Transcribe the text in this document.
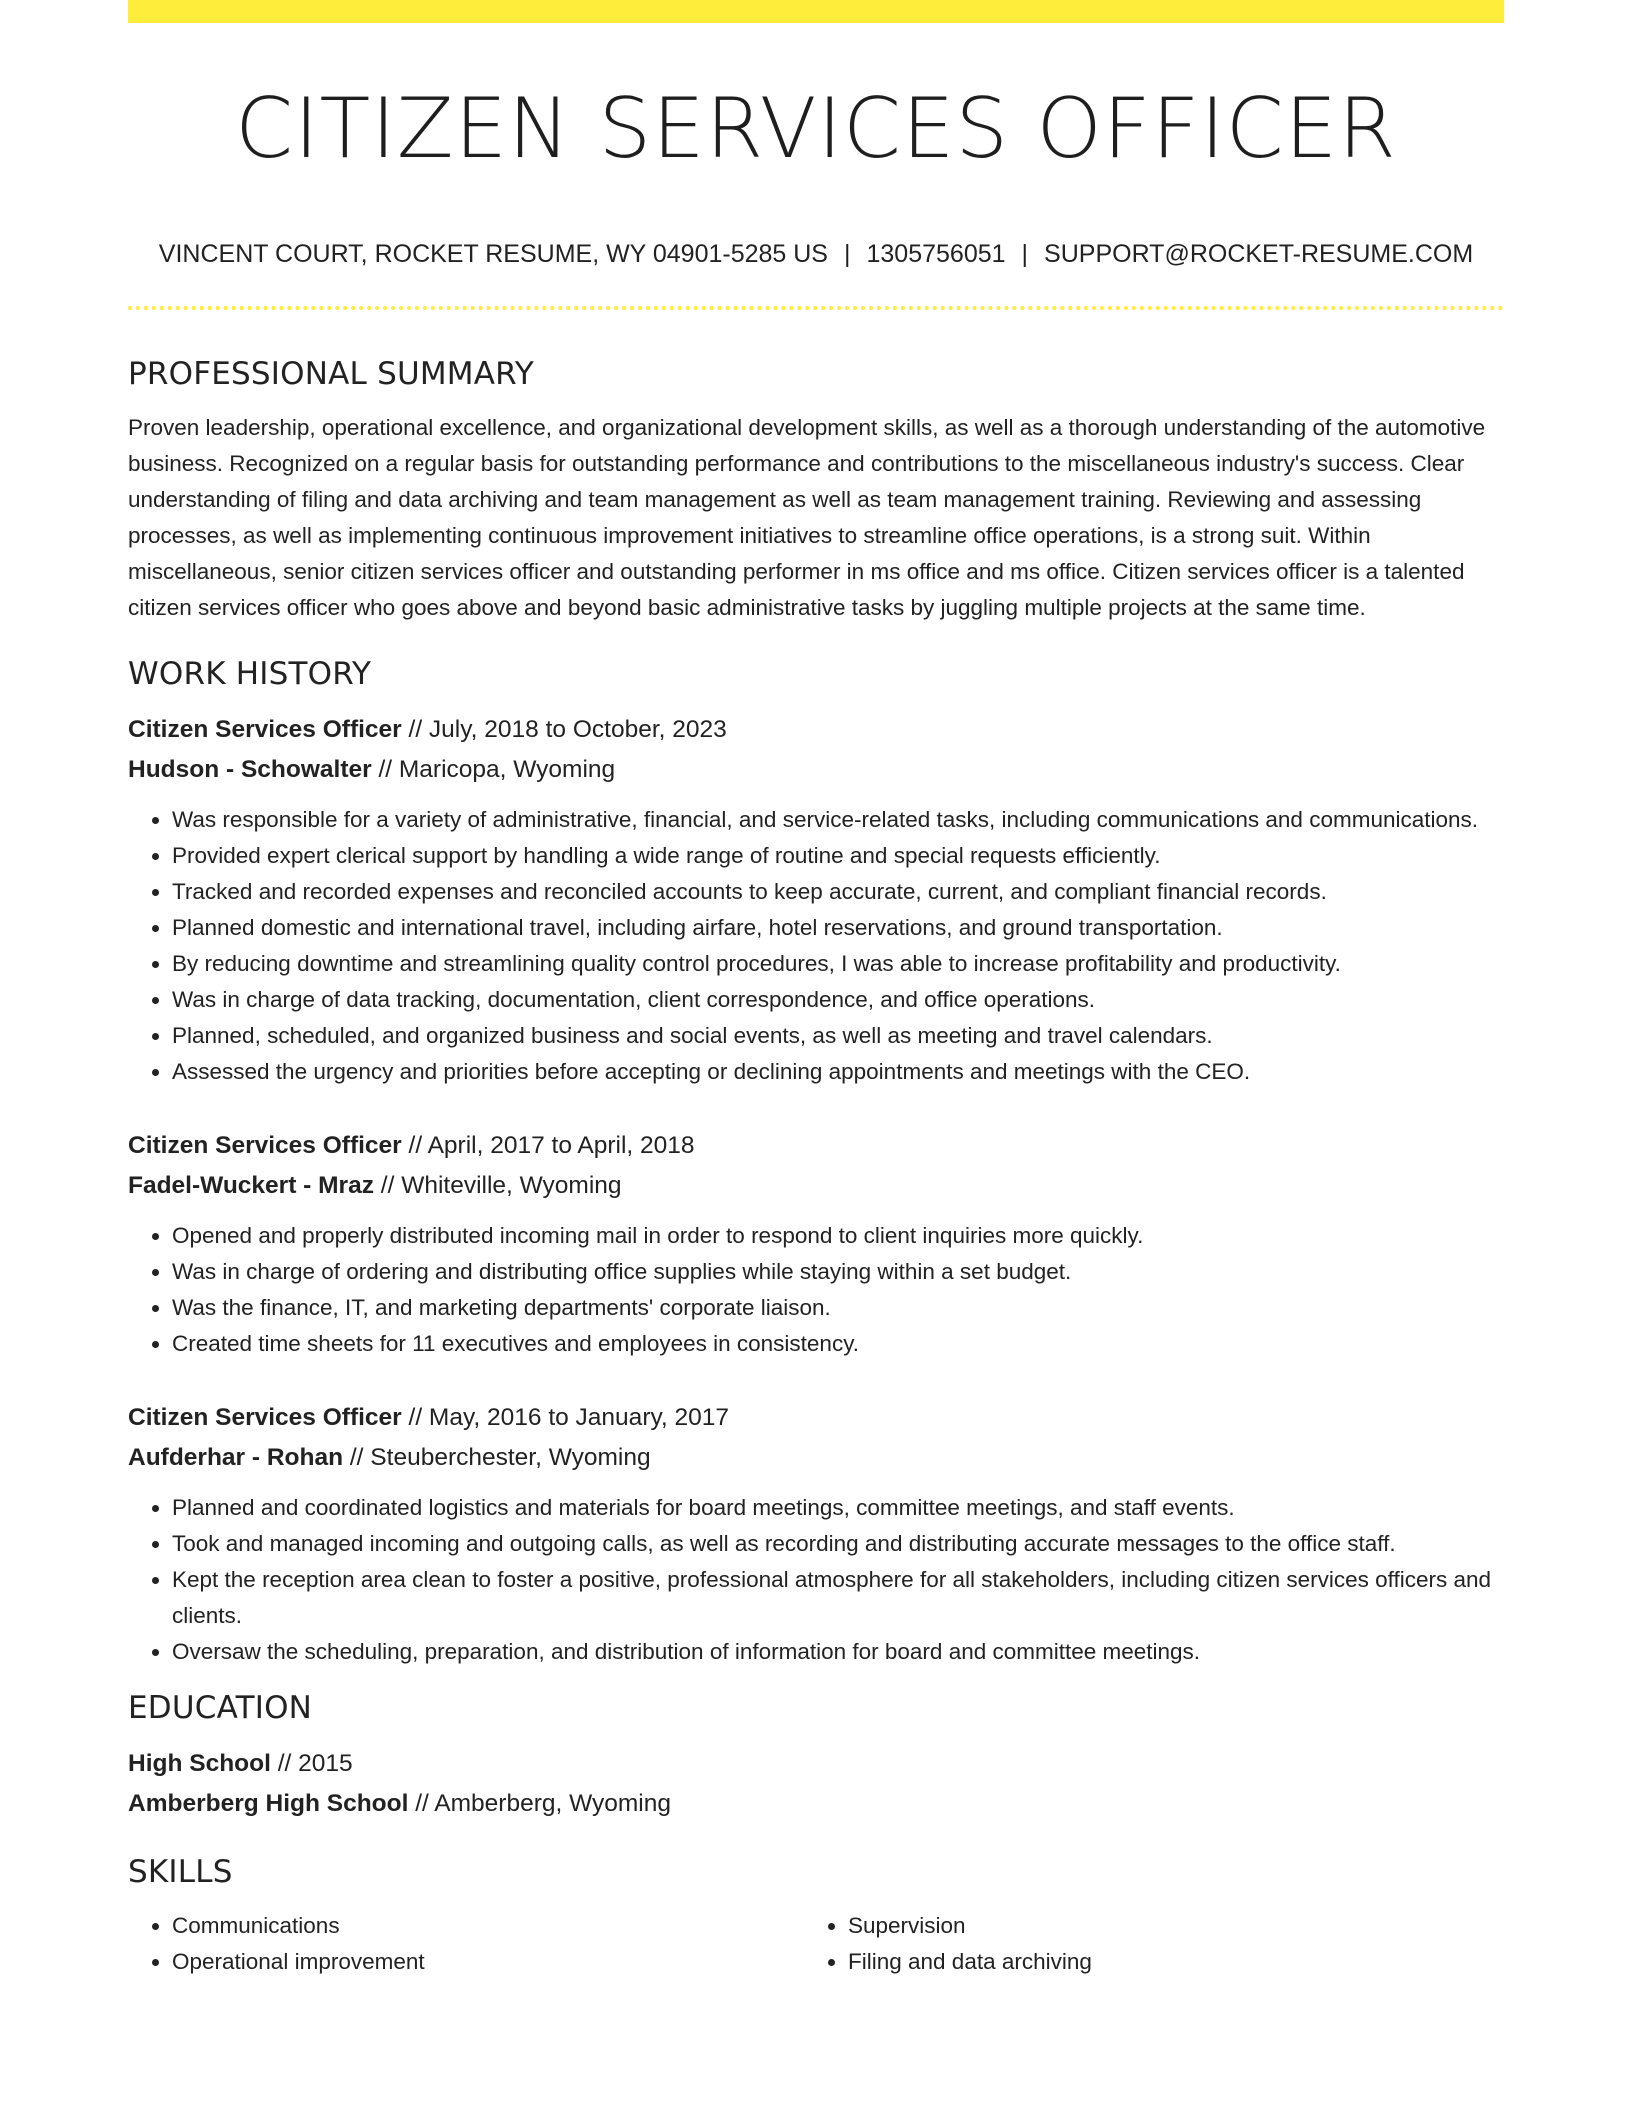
CITIZEN SERVICES OFFICER
VINCENT COURT, ROCKET RESUME, WY 04901-5285 US | 1305756051 | SUPPORT@ROCKET-RESUME.COM
PROFESSIONAL SUMMARY

Proven leadership, operational excellence, and organizational development skills, as well as a thorough understanding of the automotive business. Recognized on a regular basis for outstanding performance and contributions to the miscellaneous industry's success. Clear understanding of filing and data archiving and team management as well as team management training. Reviewing and assessing processes, as well as implementing continuous improvement initiatives to streamline office operations, is a strong suit. Within miscellaneous, senior citizen services officer and outstanding performer in ms office and ms office. Citizen services officer is a talented citizen services officer who goes above and beyond basic administrative tasks by juggling multiple projects at the same time.

WORK HISTORY
Citizen Services Officer // July, 2018 to October, 2023
Hudson - Schowalter // Maricopa, Wyoming
• Was responsible for a variety of administrative, financial, and service-related tasks, including communications and communications.
• Provided expert clerical support by handling a wide range of routine and special requests efficiently.
• Tracked and recorded expenses and reconciled accounts to keep accurate, current, and compliant financial records.
• Planned domestic and international travel, including airfare, hotel reservations, and ground transportation.
• By reducing downtime and streamlining quality control procedures, I was able to increase profitability and productivity.
• Was in charge of data tracking, documentation, client correspondence, and office operations.
• Planned, scheduled, and organized business and social events, as well as meeting and travel calendars.
• Assessed the urgency and priorities before accepting or declining appointments and meetings with the CEO.
Citizen Services Officer // April, 2017 to April, 2018
Fadel-Wuckert - Mraz // Whiteville, Wyoming
• Opened and properly distributed incoming mail in order to respond to client inquiries more quickly.
• Was in charge of ordering and distributing office supplies while staying within a set budget.
• Was the finance, IT, and marketing departments' corporate liaison.
• Created time sheets for 11 executives and employees in consistency.
Citizen Services Officer // May, 2016 to January, 2017
Aufderhar - Rohan // Steuberchester, Wyoming
• Planned and coordinated logistics and materials for board meetings, committee meetings, and staff events.
• Took and managed incoming and outgoing calls, as well as recording and distributing accurate messages to the office staff.
• Kept the reception area clean to foster a positive, professional atmosphere for all stakeholders, including citizen services officers and clients.
• Oversaw the scheduling, preparation, and distribution of information for board and committee meetings.
EDUCATION
High School // 2015
Amberberg High School // Amberberg, Wyoming
SKILLS
• Communications
• Operational improvement
• Supervision
• Filing and data archiving
